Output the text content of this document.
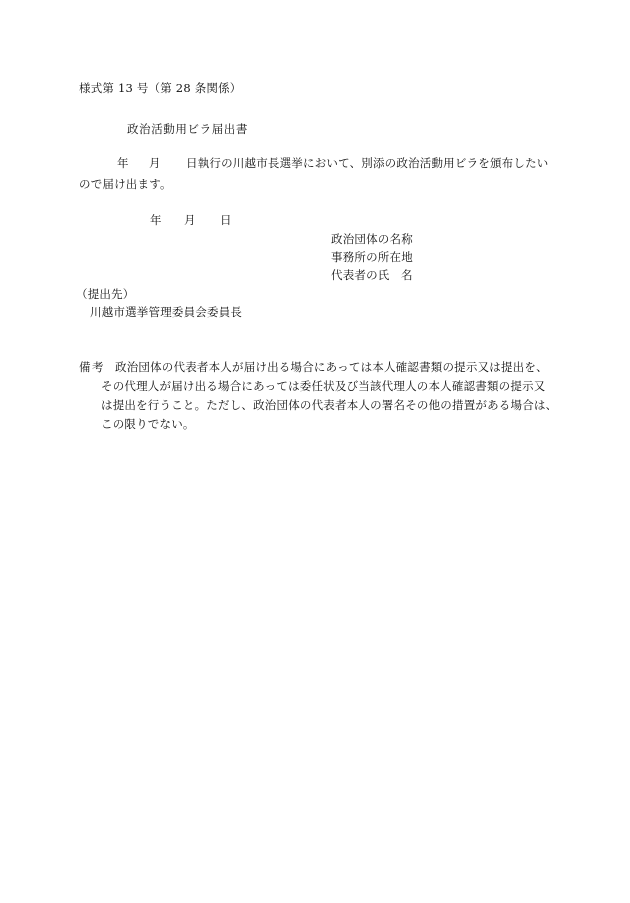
様式第 13 号（第 28 条関係）
政治活動用ビラ届出書
年 月 日執行の川越市長選挙において、別添の政治活動用ビラを頒布したい
ので届け出ます。
年 月 日
政治団体の名称
事務所の所在地
代表者の氏 名
（提出先）
川越市選挙管理委員会委員長
備考 政治団体の代表者本人が届け出る場合にあっては本人確認書類の提示又は提出を、
その代理人が届け出る場合にあっては委任状及び当該代理人の本人確認書類の提示又
は提出を行うこと。ただし、政治団体の代表者本人の署名その他の措置がある場合は、
この限りでない。
